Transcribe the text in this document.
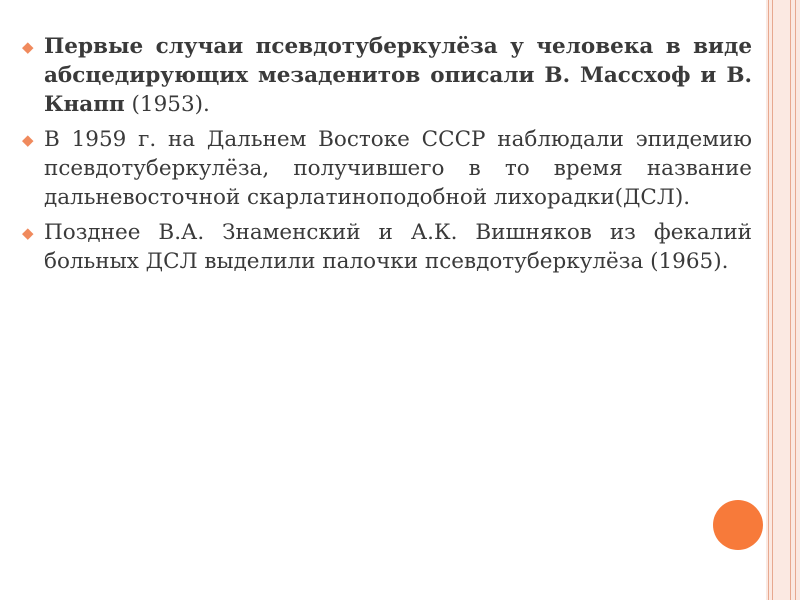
◆ Первые случаи псевдотуберкулёза у человека в виде абсцедирующих мезаденитов описали В. Массхоф и В. Кнапп (1953).

◆ В 1959 г. на Дальнем Востоке СССР наблюдали эпидемию псевдотуберкулёза, получившего в то время название дальневосточной скарлатиноподобной лихорадки(ДСЛ).

◆ Позднее В.А. Знаменский и А.К. Вишняков из фекалий больных ДСЛ выделили палочки псевдотуберкулёза (1965).
